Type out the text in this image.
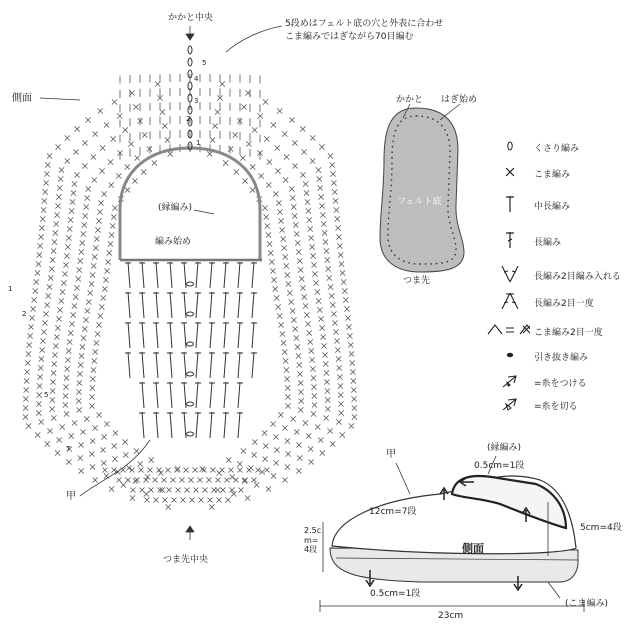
かかと中央
5段めはフェルト底の穴と外表に合わせ
こま編みではぎながら70目編む
側面
(縁編み)
編み始め
甲
つま先中央
5
4
3
2
1
1
2
5
7
かかと はぎ始め
フェルト底
つま先
くさり編み
こま編み
中長編み
長編み
長編み2目編み入れる
長編み2目一度
こま編み2目一度
引き抜き編み
=糸をつける
=糸を切る
(縁編み)
甲
0.5cm=1段
12cm=7段
2.5cm=4段	側面
5cm=4段
0.5cm=1段
(こま編み)
23cm
